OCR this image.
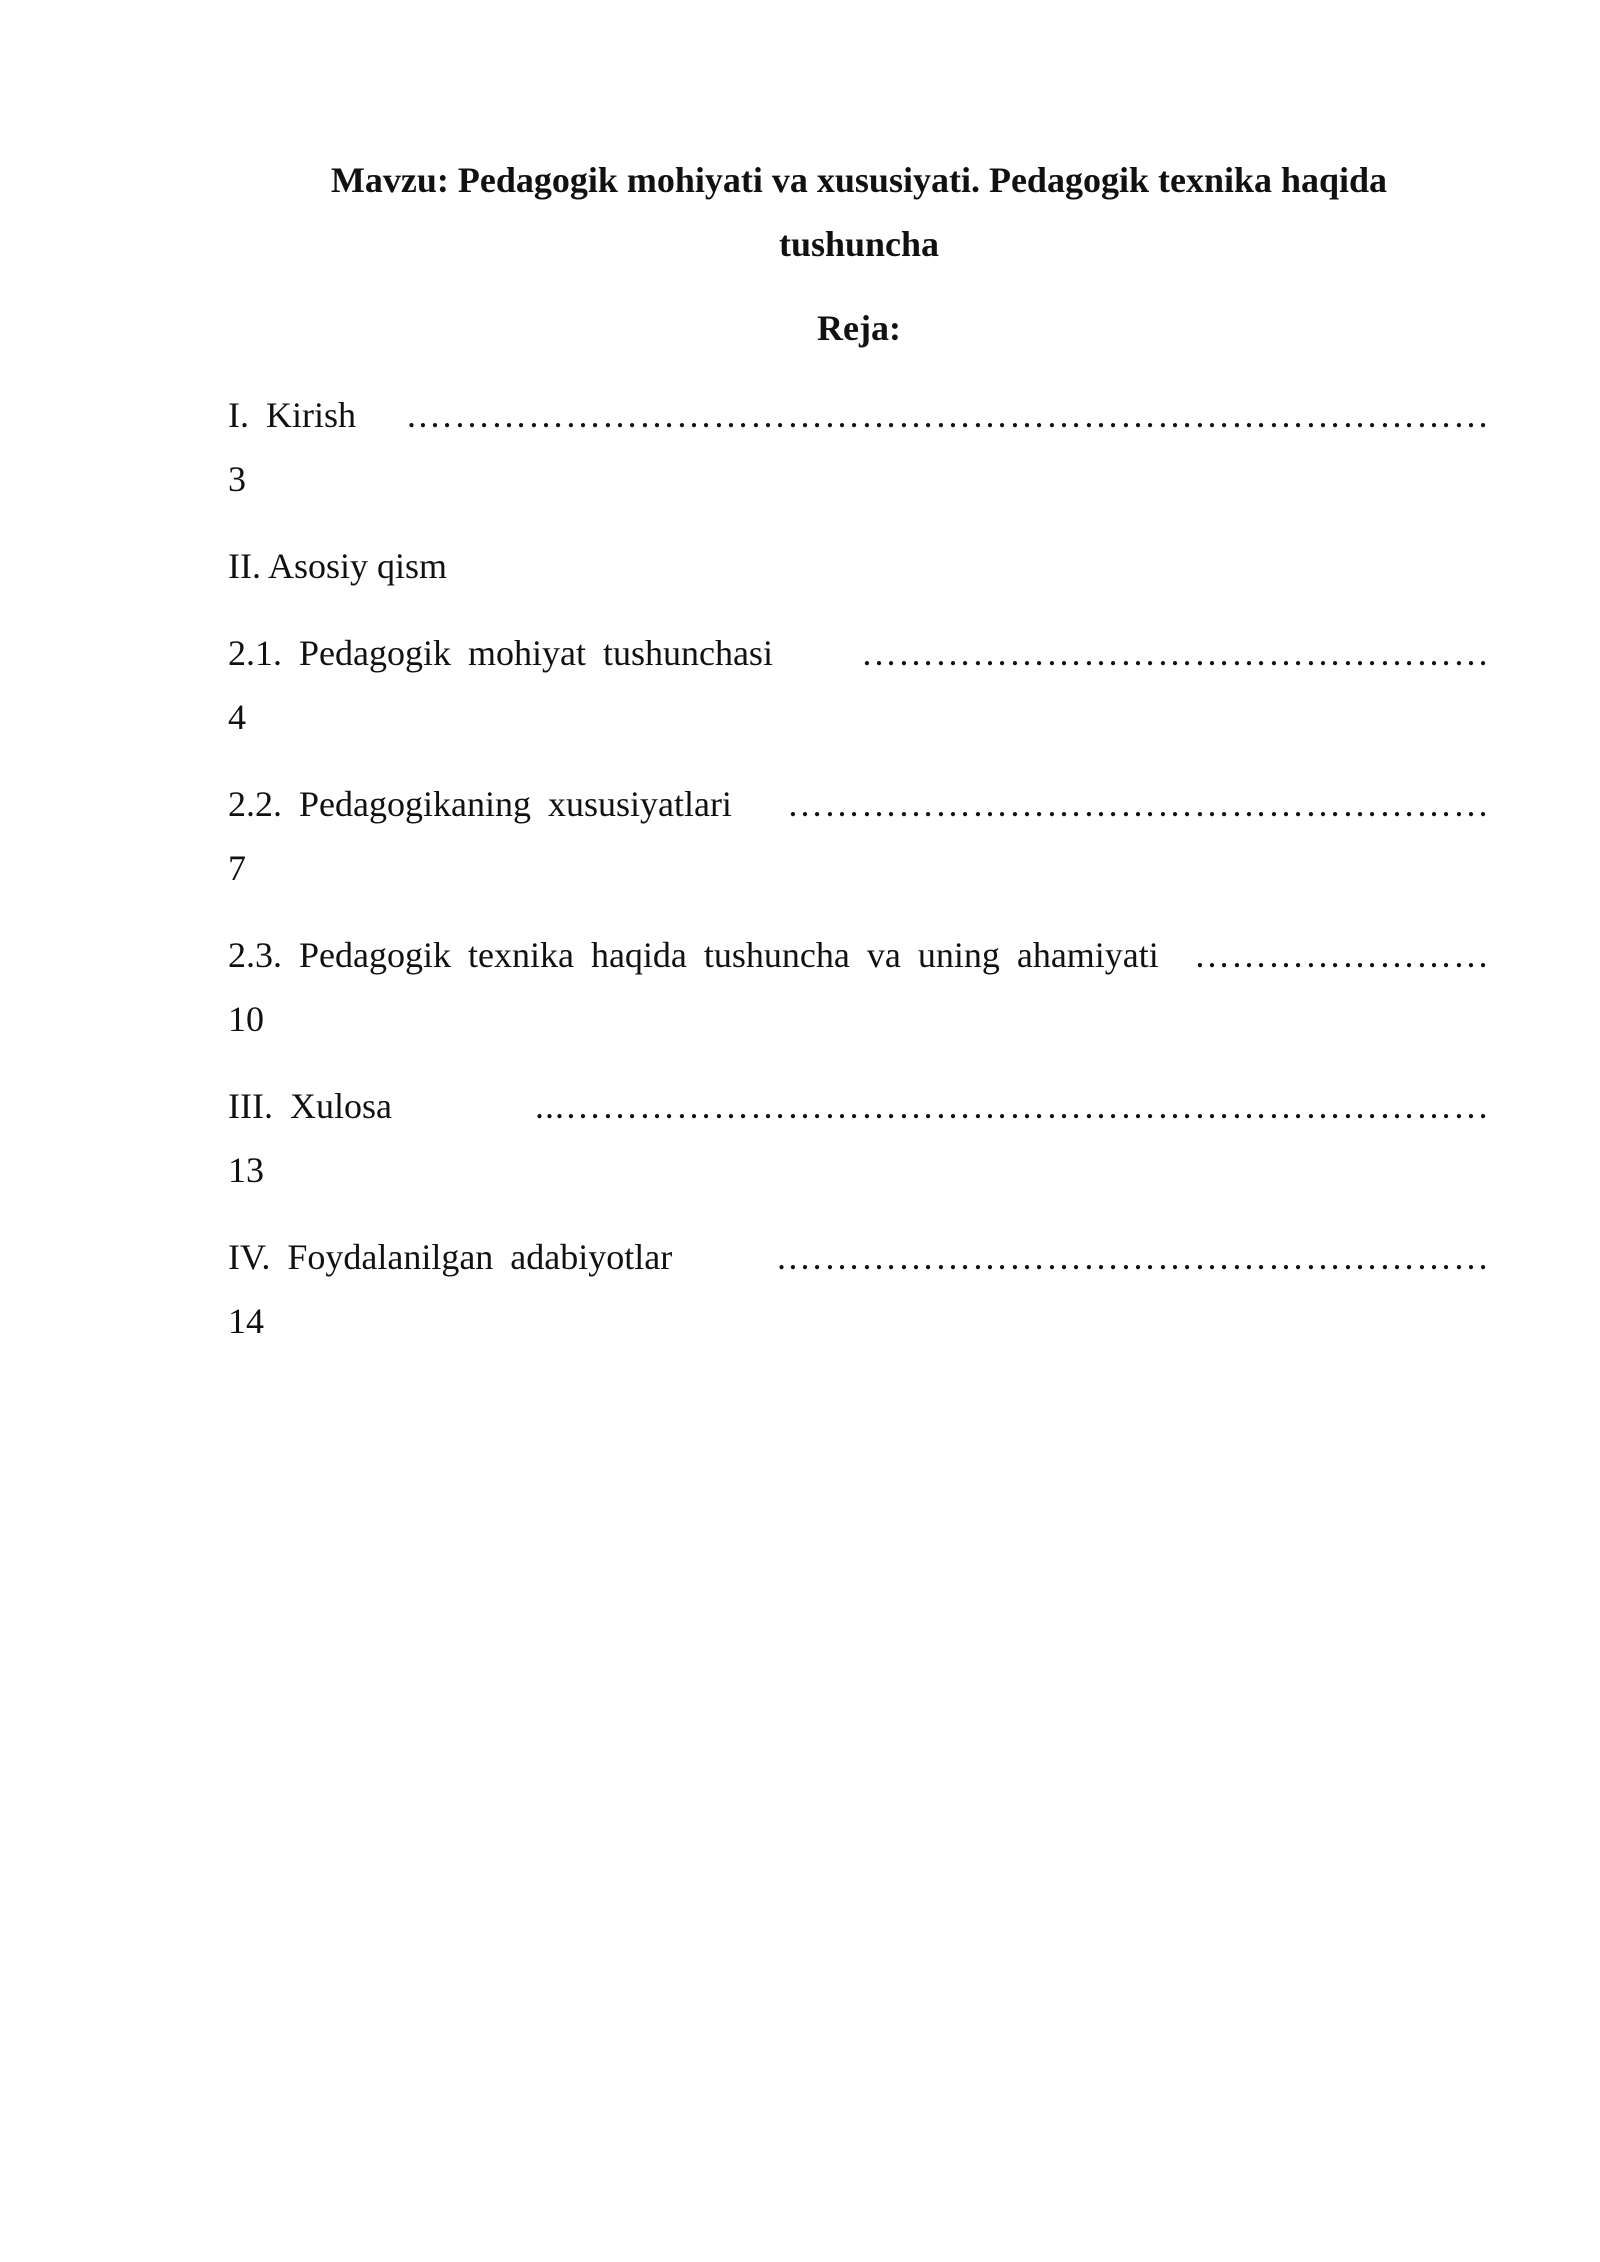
Mavzu: Pedagogik mohiyati va xususiyati. Pedagogik texnika haqida
tushuncha
Reja:
I. Kirish	…………………………………………………………………………….
3
II. Asosiy qism
2.1. Pedagogik mohiyat tushunchasi	……………………………………………
4
2.2. Pedagogikaning xususiyatlari	…………………………………………………
7
2.3. Pedagogik texnika haqida tushuncha va uning ahamiyati ……………………
10
III. Xulosa	…………………………………………………………………...
13
IV. Foydalanilgan adabiyotlar	………………………………………………….
14
